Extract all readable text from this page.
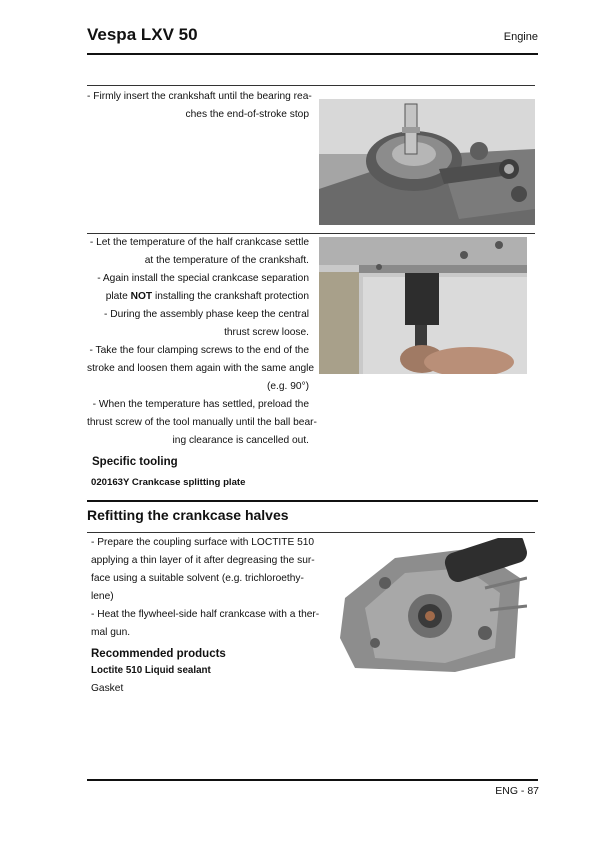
Vespa LXV 50	Engine
- Firmly insert the crankshaft until the bearing rea-
ches the end-of-stroke stop
- Let the temperature of the half crankcase settle
at the temperature of the crankshaft.
- Again install the special crankcase separation
plate NOT installing the crankshaft protection
- During the assembly phase keep the central
thrust screw loose.
- Take the four clamping screws to the end of the
stroke and loosen them again with the same angle
(e.g. 90°)
- When the temperature has settled, preload the
thrust screw of the tool manually until the ball bear-
ing clearance is cancelled out.
Specific tooling
020163Y Crankcase splitting plate
Refitting the crankcase halves
- Prepare the coupling surface with LOCTITE 510
applying a thin layer of it after degreasing the sur-
face using a suitable solvent (e.g. trichloroethy-
lene)
- Heat the flywheel-side half crankcase with a ther-
mal gun.
Recommended products
Loctite 510 Liquid sealant
Gasket
ENG - 87
